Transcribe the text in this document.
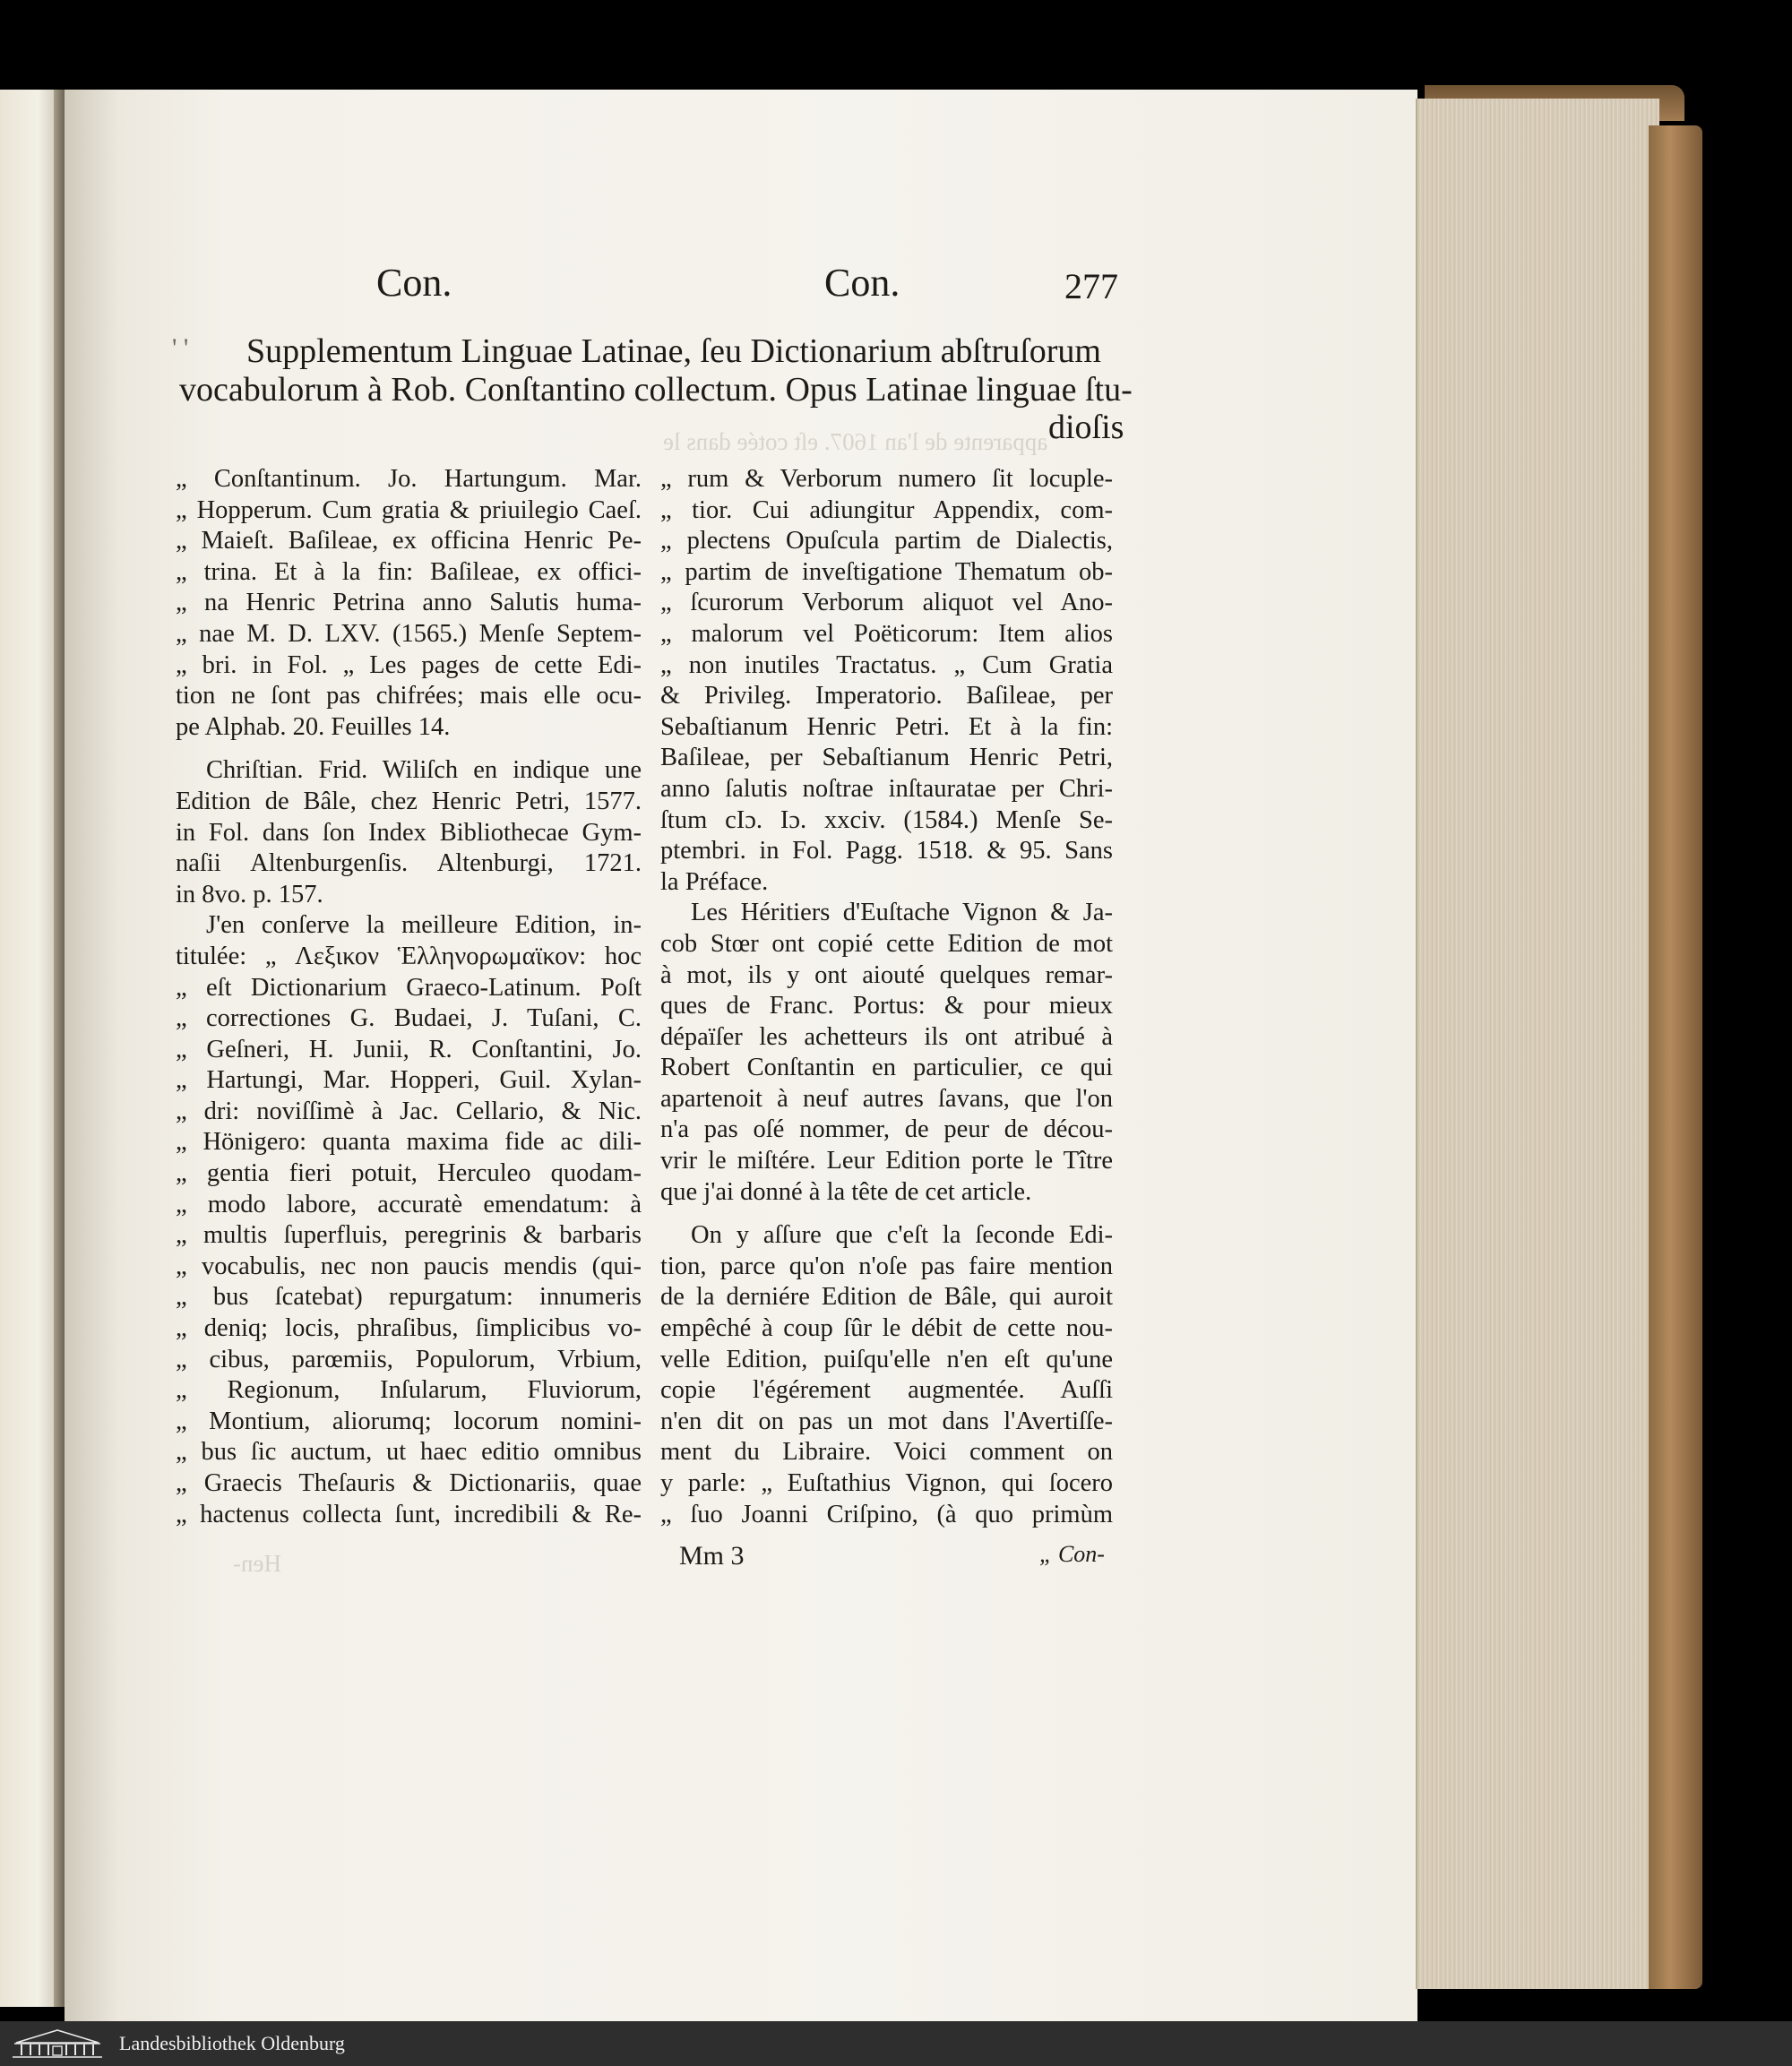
apparente de l'an 1607. eſt cotée dans le
Hen-
Con.	Con.	277
' ' Supplementum Linguae Latinae, ſeu Dictionarium abſtruſorum
vocabulorum à Rob. Conſtantino collectum. Opus Latinae linguae ſtu-
dioſis
„ Conſtantinum. Jo. Hartungum. Mar.
„ Hopperum. Cum gratia & priuilegio Caeſ.
„ Maieſt. Baſileae, ex officina Henric Pe-
„ trina. Et à la fin: Baſileae, ex offici-
„ na Henric Petrina anno Salutis huma-
„ nae M. D. LXV. (1565.) Menſe Septem-
„ bri. in Fol. „ Les pages de cette Edi-
tion ne ſont pas chifrées; mais elle ocu-
pe Alphab. 20. Feuilles 14.
Chriſtian. Frid. Wiliſch en indique une
Edition de Bâle, chez Henric Petri, 1577.
in Fol. dans ſon Index Bibliothecae Gym-
naſii Altenburgenſis. Altenburgi, 1721.
in 8vo. p. 157.
J'en conſerve la meilleure Edition, in-
titulée: „ Λεξικον Ἑλληνορωμαϊκον: hoc
„ eſt Dictionarium Graeco-Latinum. Poſt
„ correctiones G. Budaei, J. Tuſani, C.
„ Geſneri, H. Junii, R. Conſtantini, Jo.
„ Hartungi, Mar. Hopperi, Guil. Xylan-
„ dri: noviſſimè à Jac. Cellario, & Nic.
„ Hönigero: quanta maxima fide ac dili-
„ gentia fieri potuit, Herculeo quodam-
„ modo labore, accuratè emendatum: à
„ multis ſuperfluis, peregrinis & barbaris
„ vocabulis, nec non paucis mendis (qui-
„ bus ſcatebat) repurgatum: innumeris
„ deniq; locis, phraſibus, ſimplicibus vo-
„ cibus, parœmiis, Populorum, Vrbium,
„ Regionum, Inſularum, Fluviorum,
„ Montium, aliorumq; locorum nomini-
„ bus ſic auctum, ut haec editio omnibus
„ Graecis Theſauris & Dictionariis, quae
„ hactenus collecta ſunt, incredibili & Re-
„ rum & Verborum numero ſit locuple-
„ tior. Cui adiungitur Appendix, com-
„ plectens Opuſcula partim de Dialectis,
„ partim de inveſtigatione Thematum ob-
„ ſcurorum Verborum aliquot vel Ano-
„ malorum vel Poëticorum: Item alios
„ non inutiles Tractatus. „ Cum Gratia
& Privileg. Imperatorio. Baſileae, per
Sebaſtianum Henric Petri. Et à la fin:
Baſileae, per Sebaſtianum Henric Petri,
anno ſalutis noſtrae inſtauratae per Chri-
ſtum cIɔ. Iɔ. xxciv. (1584.) Menſe Se-
ptembri. in Fol. Pagg. 1518. & 95. Sans
la Préface.
Les Héritiers d'Euſtache Vignon & Ja-
cob Stœr ont copié cette Edition de mot
à mot, ils y ont aiouté quelques remar-
ques de Franc. Portus: & pour mieux
dépaïſer les achetteurs ils ont atribué à
Robert Conſtantin en particulier, ce qui
apartenoit à neuf autres ſavans, que l'on
n'a pas oſé nommer, de peur de décou-
vrir le miſtére. Leur Edition porte le Tître
que j'ai donné à la tête de cet article.
On y aſſure que c'eſt la ſeconde Edi-
tion, parce qu'on n'oſe pas faire mention
de la derniére Edition de Bâle, qui auroit
empêché à coup ſûr le débit de cette nou-
velle Edition, puiſqu'elle n'en eſt qu'une
copie l'égérement augmentée. Auſſi
n'en dit on pas un mot dans l'Avertiſſe-
ment du Libraire. Voici comment on
y parle: „ Euſtathius Vignon, qui ſocero
„ ſuo Joanni Criſpino, (à quo primùm
Mm 3	„ Con-
Landesbibliothek Oldenburg
